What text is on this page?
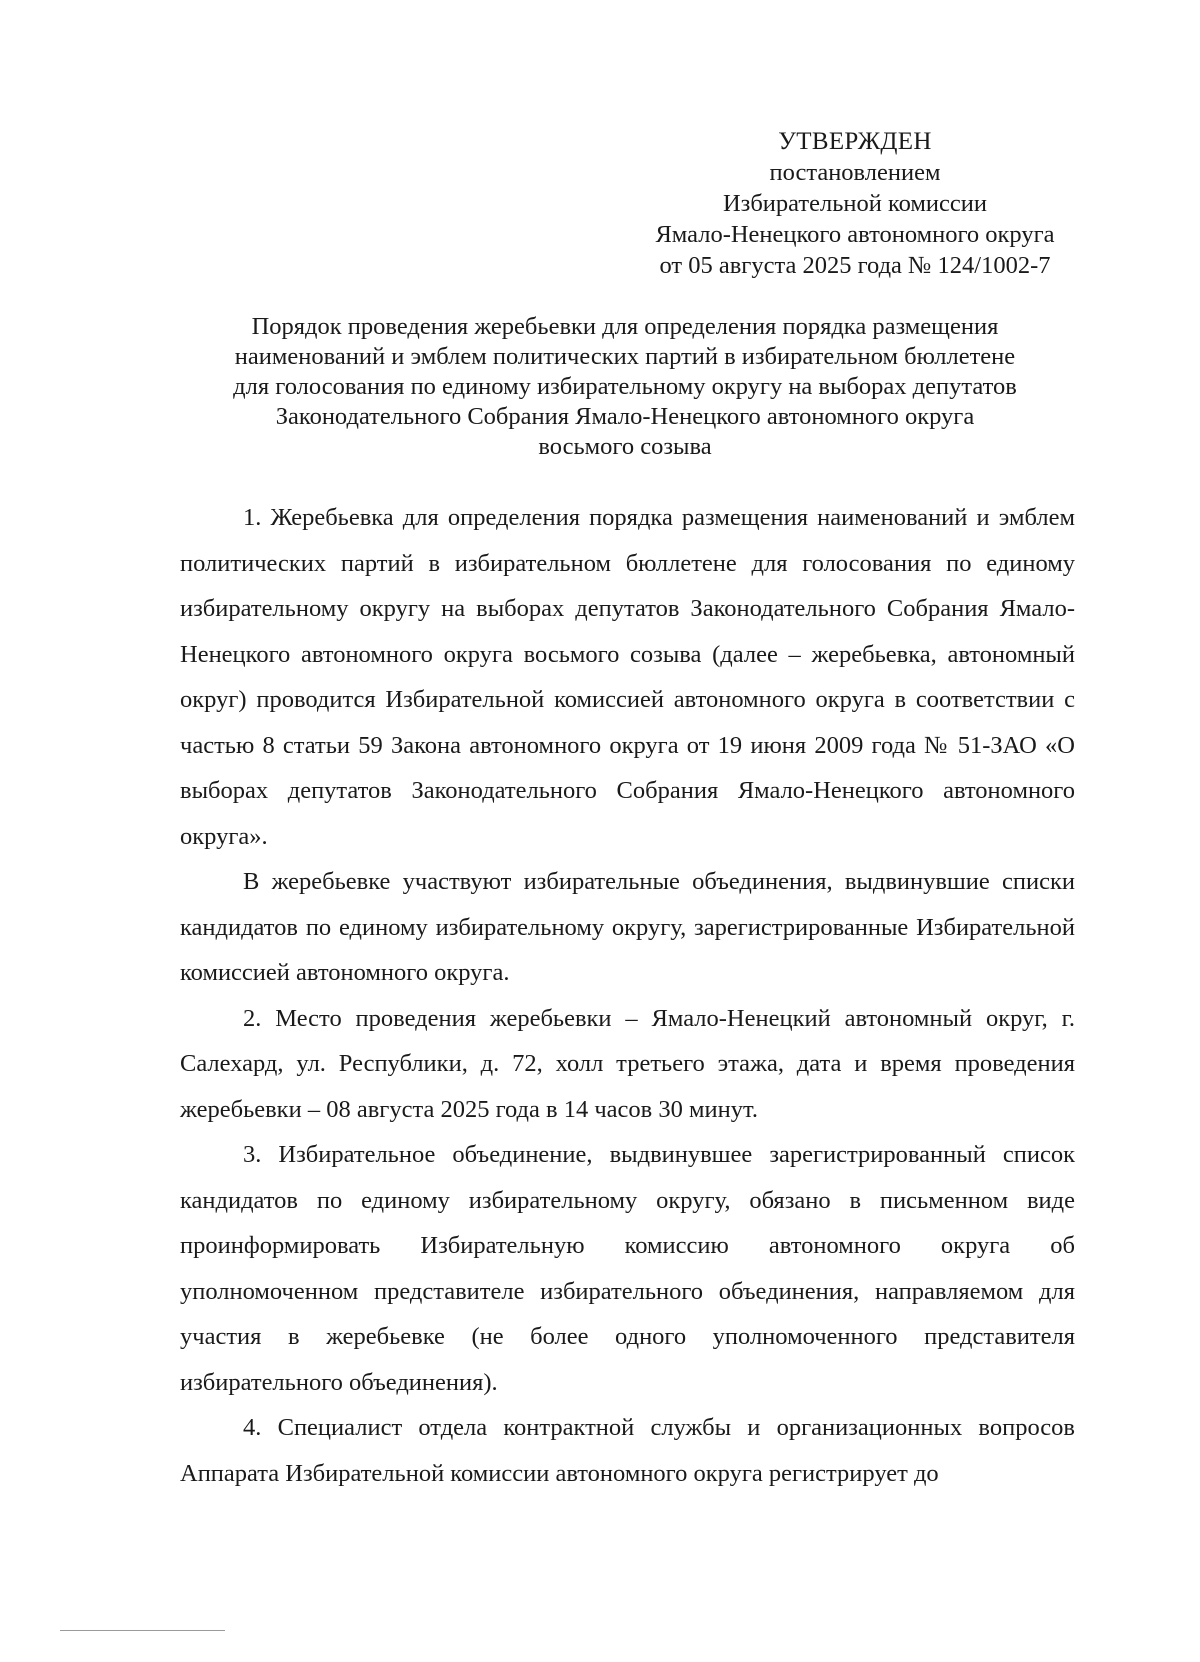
УТВЕРЖДЕН
постановлением
Избирательной комиссии
Ямало-Ненецкого автономного округа
от 05 августа 2025 года № 124/1002-7
Порядок проведения жеребьевки для определения порядка размещения
наименований и эмблем политических партий в избирательном бюллетене
для голосования по единому избирательному округу на выборах депутатов
Законодательного Собрания Ямало-Ненецкого автономного округа
восьмого созыва

1. Жеребьевка для определения порядка размещения наименований и эмблем политических партий в избирательном бюллетене для голосования по единому избирательному округу на выборах депутатов Законодательного Собрания Ямало-Ненецкого автономного округа восьмого созыва (далее – жеребьевка, автономный округ) проводится Избирательной комиссией автономного округа в соответствии с частью 8 статьи 59 Закона автономного округа от 19 июня 2009 года № 51-ЗАО «О выборах депутатов Законодательного Собрания Ямало-Ненецкого автономного округа».

В жеребьевке участвуют избирательные объединения, выдвинувшие списки кандидатов по единому избирательному округу, зарегистрированные Избирательной комиссией автономного округа.

2. Место проведения жеребьевки – Ямало-Ненецкий автономный округ, г. Салехард, ул. Республики, д. 72, холл третьего этажа, дата и время проведения жеребьевки – 08 августа 2025 года в 14 часов 30 минут.

3. Избирательное объединение, выдвинувшее зарегистрированный список кандидатов по единому избирательному округу, обязано в письменном виде проинформировать Избирательную комиссию автономного округа об уполномоченном представителе избирательного объединения, направляемом для участия в жеребьевке (не более одного уполномоченного представителя избирательного объединения).

4. Специалист отдела контрактной службы и организационных вопросов Аппарата Избирательной комиссии автономного округа регистрирует до
